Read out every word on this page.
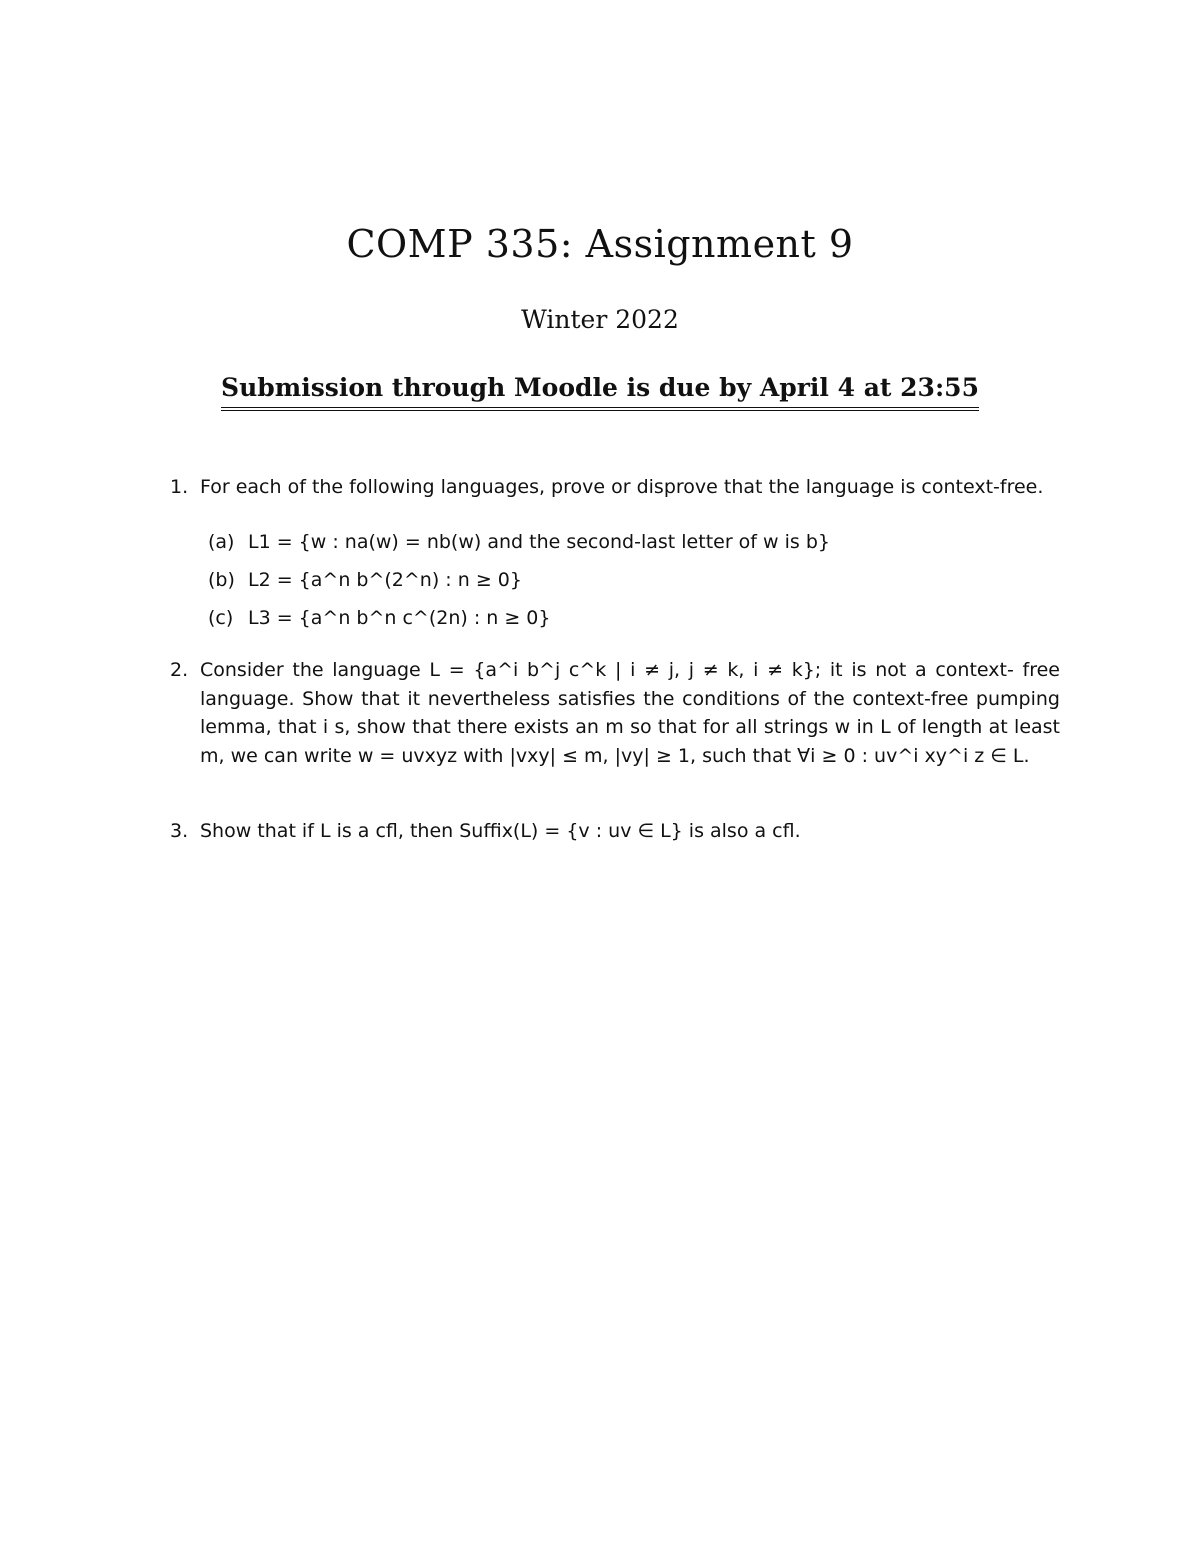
COMP 335: Assignment 9
Winter 2022
Submission through Moodle is due by April 4 at 23:55
1. For each of the following languages, prove or disprove that the language is context-free.
(a) L1 = {w : na(w) = nb(w) and the second-last letter of w is b}
(b) L2 = {a^n b^(2^n) : n ≥ 0}
(c) L3 = {a^n b^n c^(2n) : n ≥ 0}
2. Consider the language L = {a^i b^j c^k | i ≠ j, j ≠ k, i ≠ k}; it is not a context- free language. Show that it nevertheless satisfies the conditions of the context-free pumping lemma, that i s, show that there exists an m so that for all strings w in L of length at least m, we can write w = uvxyz with |vxy| ≤ m, |vy| ≥ 1, such that ∀i ≥ 0 : uv^i xy^i z ∈ L.
3. Show that if L is a cfl, then Suffix(L) = {v : uv ∈ L} is also a cfl.
